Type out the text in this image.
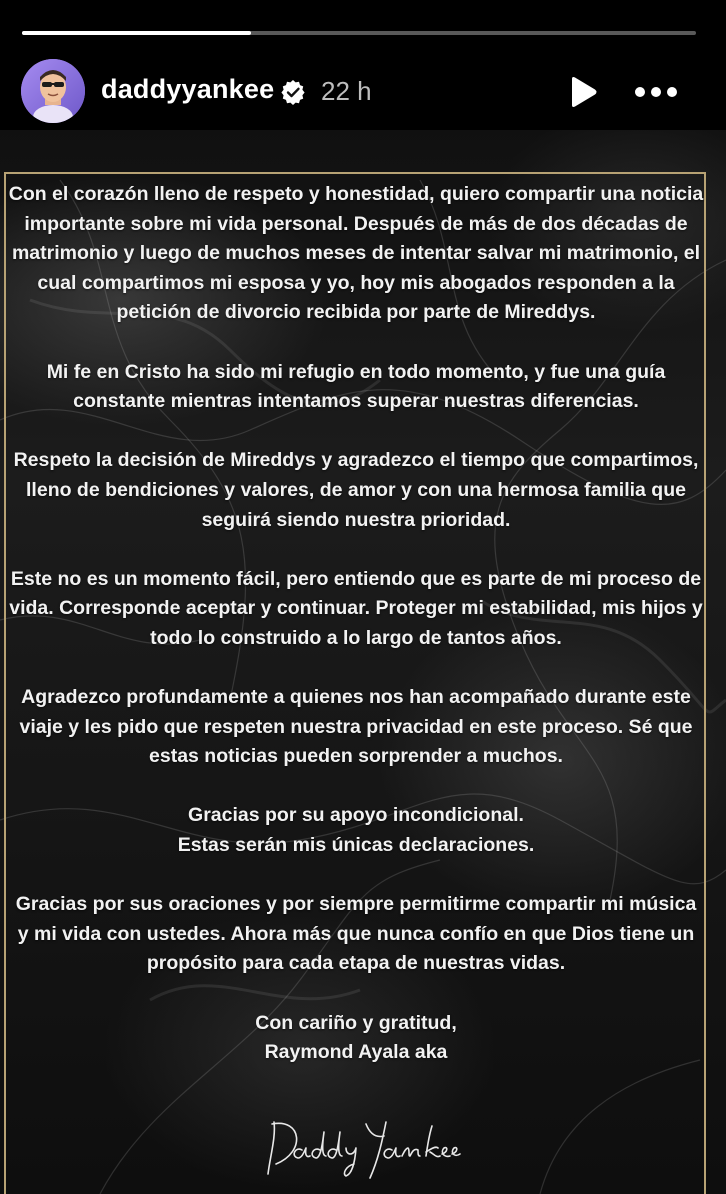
daddyyankee 22 h

Con el corazón lleno de respeto y honestidad, quiero compartir una noticia importante sobre mi vida personal. Después de más de dos décadas de matrimonio y luego de muchos meses de intentar salvar mi matrimonio, el cual compartimos mi esposa y yo, hoy mis abogados responden a la petición de divorcio recibida por parte de Mireddys.

Mi fe en Cristo ha sido mi refugio en todo momento, y fue una guía constante mientras intentamos superar nuestras diferencias.

Respeto la decisión de Mireddys y agradezco el tiempo que compartimos, lleno de bendiciones y valores, de amor y con una hermosa familia que seguirá siendo nuestra prioridad.

Este no es un momento fácil, pero entiendo que es parte de mi proceso de vida. Corresponde aceptar y continuar. Proteger mi estabilidad, mis hijos y todo lo construido a lo largo de tantos años.

Agradezco profundamente a quienes nos han acompañado durante este viaje y les pido que respeten nuestra privacidad en este proceso. Sé que estas noticias pueden sorprender a muchos.

Gracias por su apoyo incondicional.
Estas serán mis únicas declaraciones.

Gracias por sus oraciones y por siempre permitirme compartir mi música y mi vida con ustedes. Ahora más que nunca confío en que Dios tiene un propósito para cada etapa de nuestras vidas.

Con cariño y gratitud,
Raymond Ayala aka
